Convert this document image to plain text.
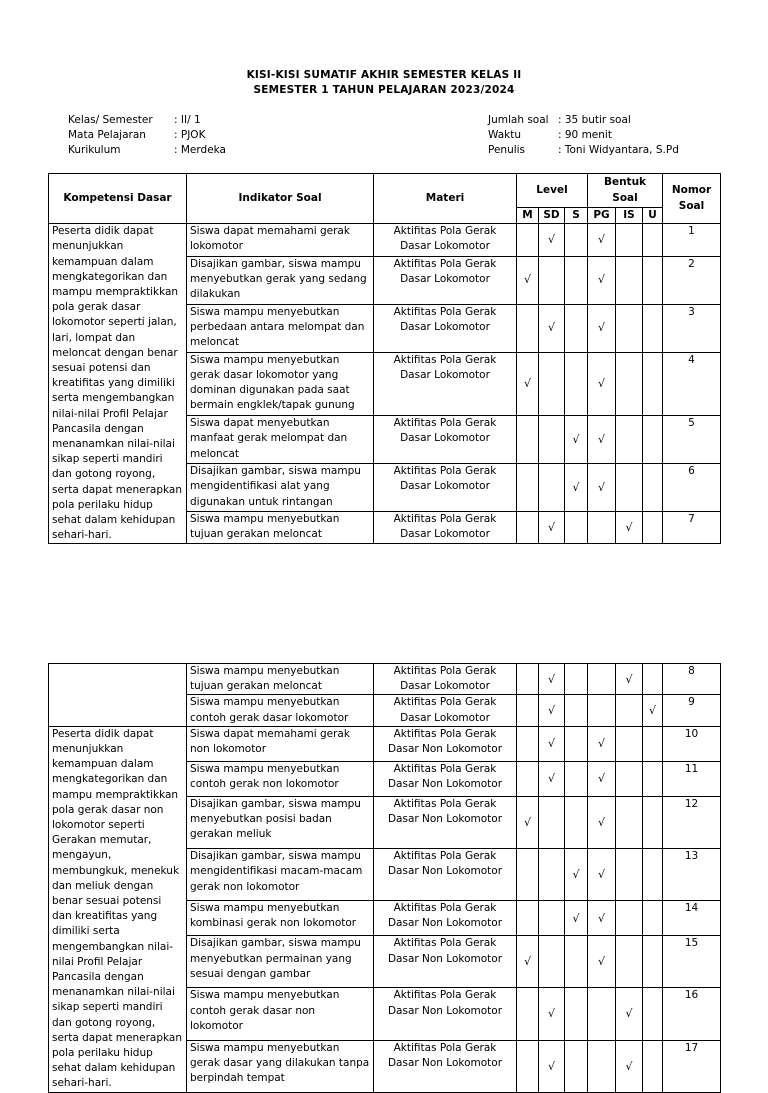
KISI-KISI SUMATIF AKHIR SEMESTER KELAS II
SEMESTER 1 TAHUN PELAJARAN 2023/2024
Kelas/ Semester	: II/ 1
Mata Pelajaran	: PJOK
Kurikulum	: Merdeka
Jumlah soal : 35 butir soal
Waktu	: 90 menit
Penulis	: Toni Widyantara, S.Pd
Kompetensi Dasar	Indikator Soal	Materi	Level			Bentuk Soal			Nomor Soal
			M	SD	S	PG	IS	U	
Peserta didik dapat menunjukkan kemampuan dalam mengkategorikan dan mampu mempraktikkan pola gerak dasar lokomotor seperti jalan, lari, lompat dan meloncat dengan benar sesuai potensi dan kreatifitas yang dimiliki serta mengembangkan nilai-nilai Profil Pelajar Pancasila dengan menanamkan nilai-nilai sikap seperti mandiri dan gotong royong, serta dapat menerapkan pola perilaku hidup sehat dalam kehidupan sehari-hari.	Siswa dapat memahami gerak lokomotor	Aktifitas Pola Gerak Dasar Lokomotor		√		√			1
	Disajikan gambar, siswa mampu menyebutkan gerak yang sedang dilakukan	Aktifitas Pola Gerak Dasar Lokomotor	√			√			2
	Siswa mampu menyebutkan perbedaan antara melompat dan meloncat	Aktifitas Pola Gerak Dasar Lokomotor		√		√			3
	Siswa mampu menyebutkan gerak dasar lokomotor yang dominan digunakan pada saat bermain engklek/tapak gunung	Aktifitas Pola Gerak Dasar Lokomotor	√			√			4
	Siswa dapat menyebutkan manfaat gerak melompat dan meloncat	Aktifitas Pola Gerak Dasar Lokomotor			√	√			5
	Disajikan gambar, siswa mampu mengidentifikasi alat yang digunakan untuk rintangan	Aktifitas Pola Gerak Dasar Lokomotor			√	√			6
	Siswa mampu menyebutkan tujuan gerakan meloncat	Aktifitas Pola Gerak Dasar Lokomotor		√			√		7
	Siswa mampu menyebutkan tujuan gerakan meloncat	Aktifitas Pola Gerak Dasar Lokomotor		√			√		8
	Siswa mampu menyebutkan contoh gerak dasar lokomotor	Aktifitas Pola Gerak Dasar Lokomotor		√				√	9
Peserta didik dapat menunjukkan kemampuan dalam mengkategorikan dan mampu mempraktikkan pola gerak dasar non lokomotor seperti Gerakan memutar, mengayun, membungkuk, menekuk dan meliuk dengan benar sesuai potensi dan kreatifitas yang dimiliki serta mengembangkan nilai-nilai Profil Pelajar Pancasila dengan menanamkan nilai-nilai sikap seperti mandiri dan gotong royong, serta dapat menerapkan pola perilaku hidup sehat dalam kehidupan sehari-hari.	Siswa dapat memahami gerak non lokomotor	Aktifitas Pola Gerak Dasar Non Lokomotor		√		√			10
	Siswa mampu menyebutkan contoh gerak non lokomotor	Aktifitas Pola Gerak Dasar Non Lokomotor		√		√			11
	Disajikan gambar, siswa mampu menyebutkan posisi badan gerakan meliuk	Aktifitas Pola Gerak Dasar Non Lokomotor	√			√			12
	Disajikan gambar, siswa mampu mengidentifikasi macam-macam gerak non lokomotor	Aktifitas Pola Gerak Dasar Non Lokomotor			√	√			13
	Siswa mampu menyebutkan kombinasi gerak non lokomotor	Aktifitas Pola Gerak Dasar Non Lokomotor			√	√			14
	Disajikan gambar, siswa mampu menyebutkan permainan yang sesuai dengan gambar	Aktifitas Pola Gerak Dasar Non Lokomotor	√			√			15
	Siswa mampu menyebutkan contoh gerak dasar non lokomotor	Aktifitas Pola Gerak Dasar Non Lokomotor		√			√		16
	Siswa mampu menyebutkan gerak dasar yang dilakukan tanpa berpindah tempat	Aktifitas Pola Gerak Dasar Non Lokomotor		√			√		17
